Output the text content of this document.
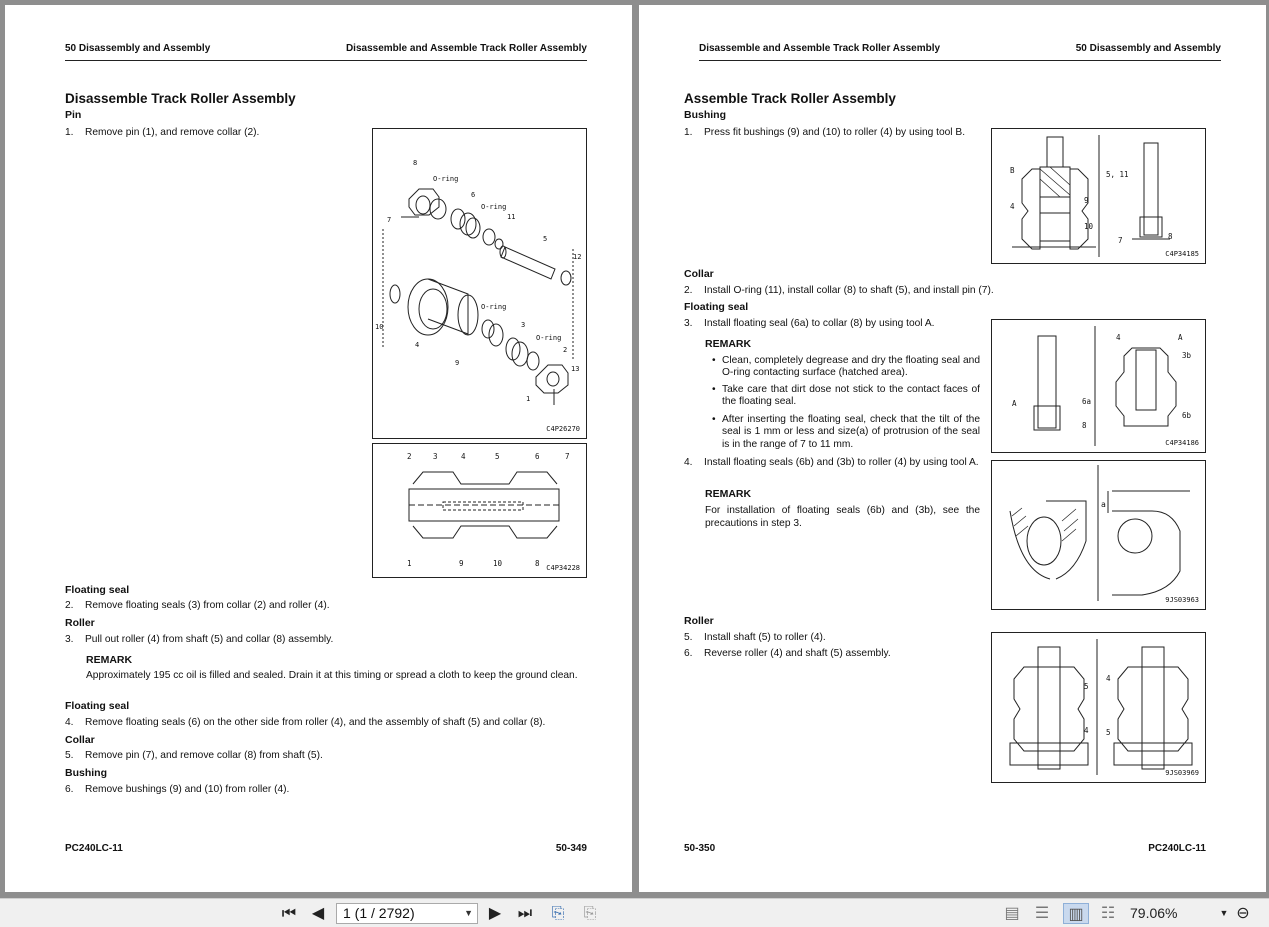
50 Disassembly and Assembly	Disassemble and Assemble Track Roller Assembly
Disassemble Track Roller Assembly
Pin
1. Remove pin (1), and remove collar (2).
8
O-ring
6
O-ring
7	11
5
12
O-ring
10
4
9
3
O-ring
2
13
1
C4P26270
2	3	4	5	6	7
1	9	10	8 C4P34228
Floating seal
2. Remove floating seals (3) from collar (2) and roller (4).
Roller
3. Pull out roller (4) from shaft (5) and collar (8) assembly.
REMARK
Approximately 195 cc oil is filled and sealed. Drain it at this timing or spread a cloth to keep the ground clean.
Floating seal
4. Remove floating seals (6) on the other side from roller (4), and the assembly of shaft (5) and collar (8).
Collar
5. Remove pin (7), and remove collar (8) from shaft (5).
Bushing
6. Remove bushings (9) and (10) from roller (4).
PC240LC-11	50-349
Disassemble and Assemble Track Roller Assembly	50 Disassembly and Assembly
Assemble Track Roller Assembly
Bushing
1. Press fit bushings (9) and (10) to roller (4) by using tool B.
B
4
9
10
7
5, 11
8
C4P34185
Collar
2. Install O-ring (11), install collar (8) to shaft (5), and install pin (7).
Floating seal
3. Install floating seal (6a) to collar (8) by using tool A.
REMARK
• Clean, completely degrease and dry the floating seal and O-ring contacting surface (hatched area).
• Take care that dirt dose not stick to the contact faces of the floating seal.
• After inserting the floating seal, check that the tilt of the seal is 1 mm or less and size(a) of protrusion of the seal is in the range of 7 to 11 mm.
A	6a
8
4	A
3b
6b
C4P34186
4. Install floating seals (6b) and (3b) to roller (4) by using tool A.
REMARK
For installation of floating seals (6b) and (3b), see the precautions in step 3.
a
9JS03963
Roller
5. Install shaft (5) to roller (4).
6. Reverse roller (4) and shaft (5) assembly.
5
4
4
5
9JS03969
50-350	PC240LC-11
⏮ ◀	1 (1 / 2792)	▼ ▶ ⏭	⎘	⎘	▤ ☰	▥	☷ 79.06%	▼ ⊖
